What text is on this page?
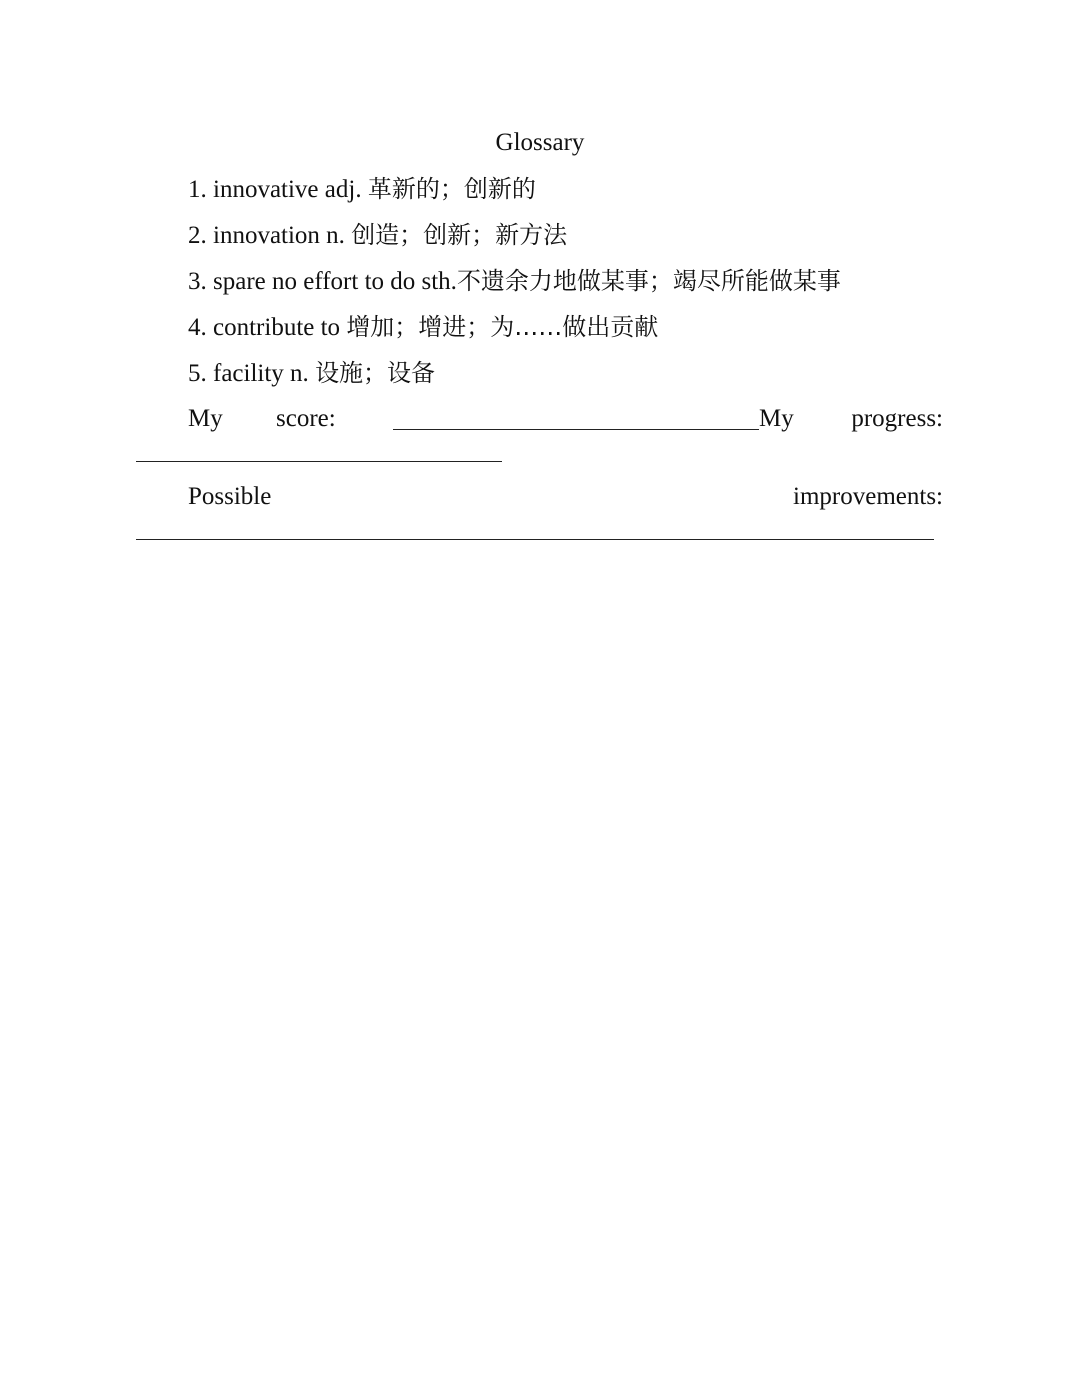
Glossary
1. innovative adj. 革新的；创新的
2. innovation n. 创造；创新；新方法
3. spare no effort to do sth.不遗余力地做某事；竭尽所能做某事
4. contribute to 增加；增进；为……做出贡献
5. facility n. 设施；设备
My score:	My progress:
Possible	improvements:
